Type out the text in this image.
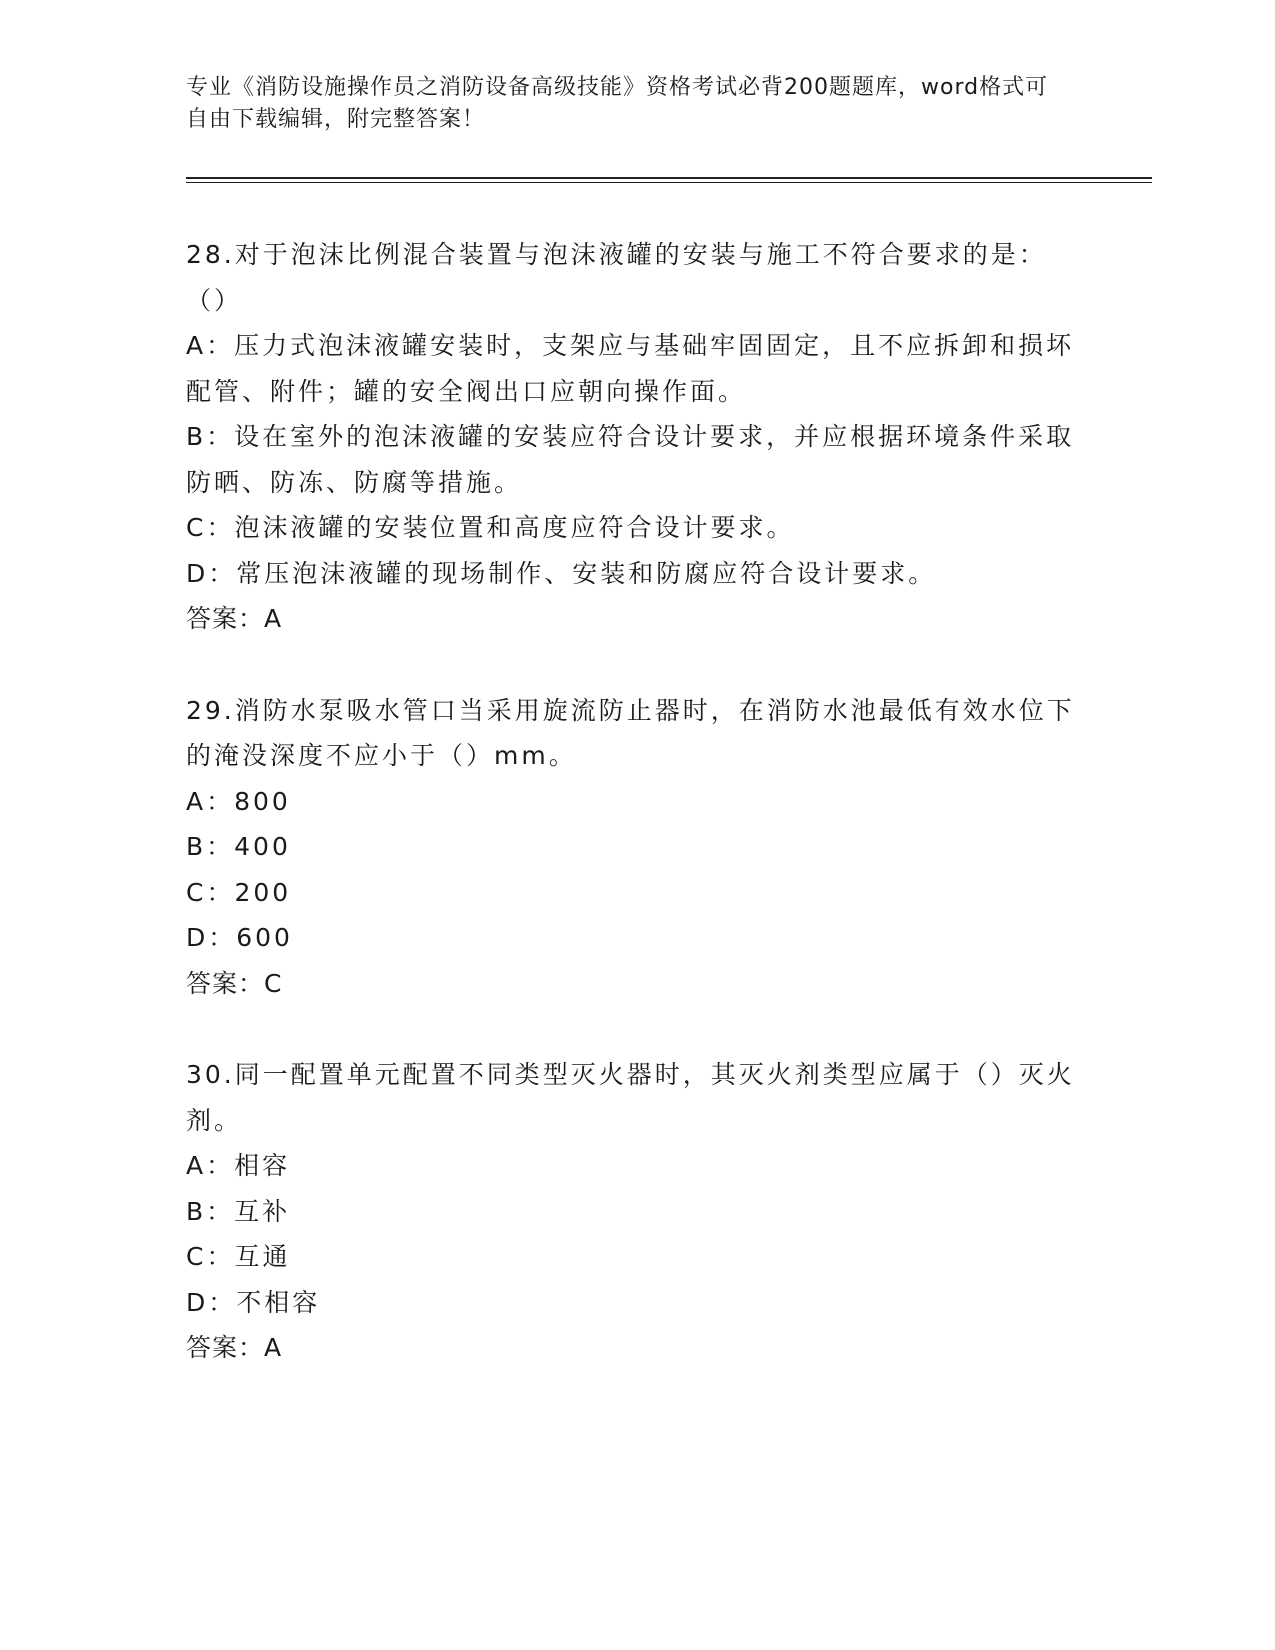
专业《消防设施操作员之消防设备高级技能》资格考试必背200题题库，word格式可自由下载编辑，附完整答案！
28.对于泡沫比例混合装置与泡沫液罐的安装与施工不符合要求的是：（）
A：压力式泡沫液罐安装时，支架应与基础牢固固定，且不应拆卸和损坏配管、附件；罐的安全阀出口应朝向操作面。
B：设在室外的泡沫液罐的安装应符合设计要求，并应根据环境条件采取防晒、防冻、防腐等措施。
C：泡沫液罐的安装位置和高度应符合设计要求。
D：常压泡沫液罐的现场制作、安装和防腐应符合设计要求。
答案：A
29.消防水泵吸水管口当采用旋流防止器时，在消防水池最低有效水位下的淹没深度不应小于（）mm。
A：800
B：400
C：200
D：600
答案：C
30.同一配置单元配置不同类型灭火器时，其灭火剂类型应属于（）灭火剂。
A：相容
B：互补
C：互通
D：不相容
答案：A
